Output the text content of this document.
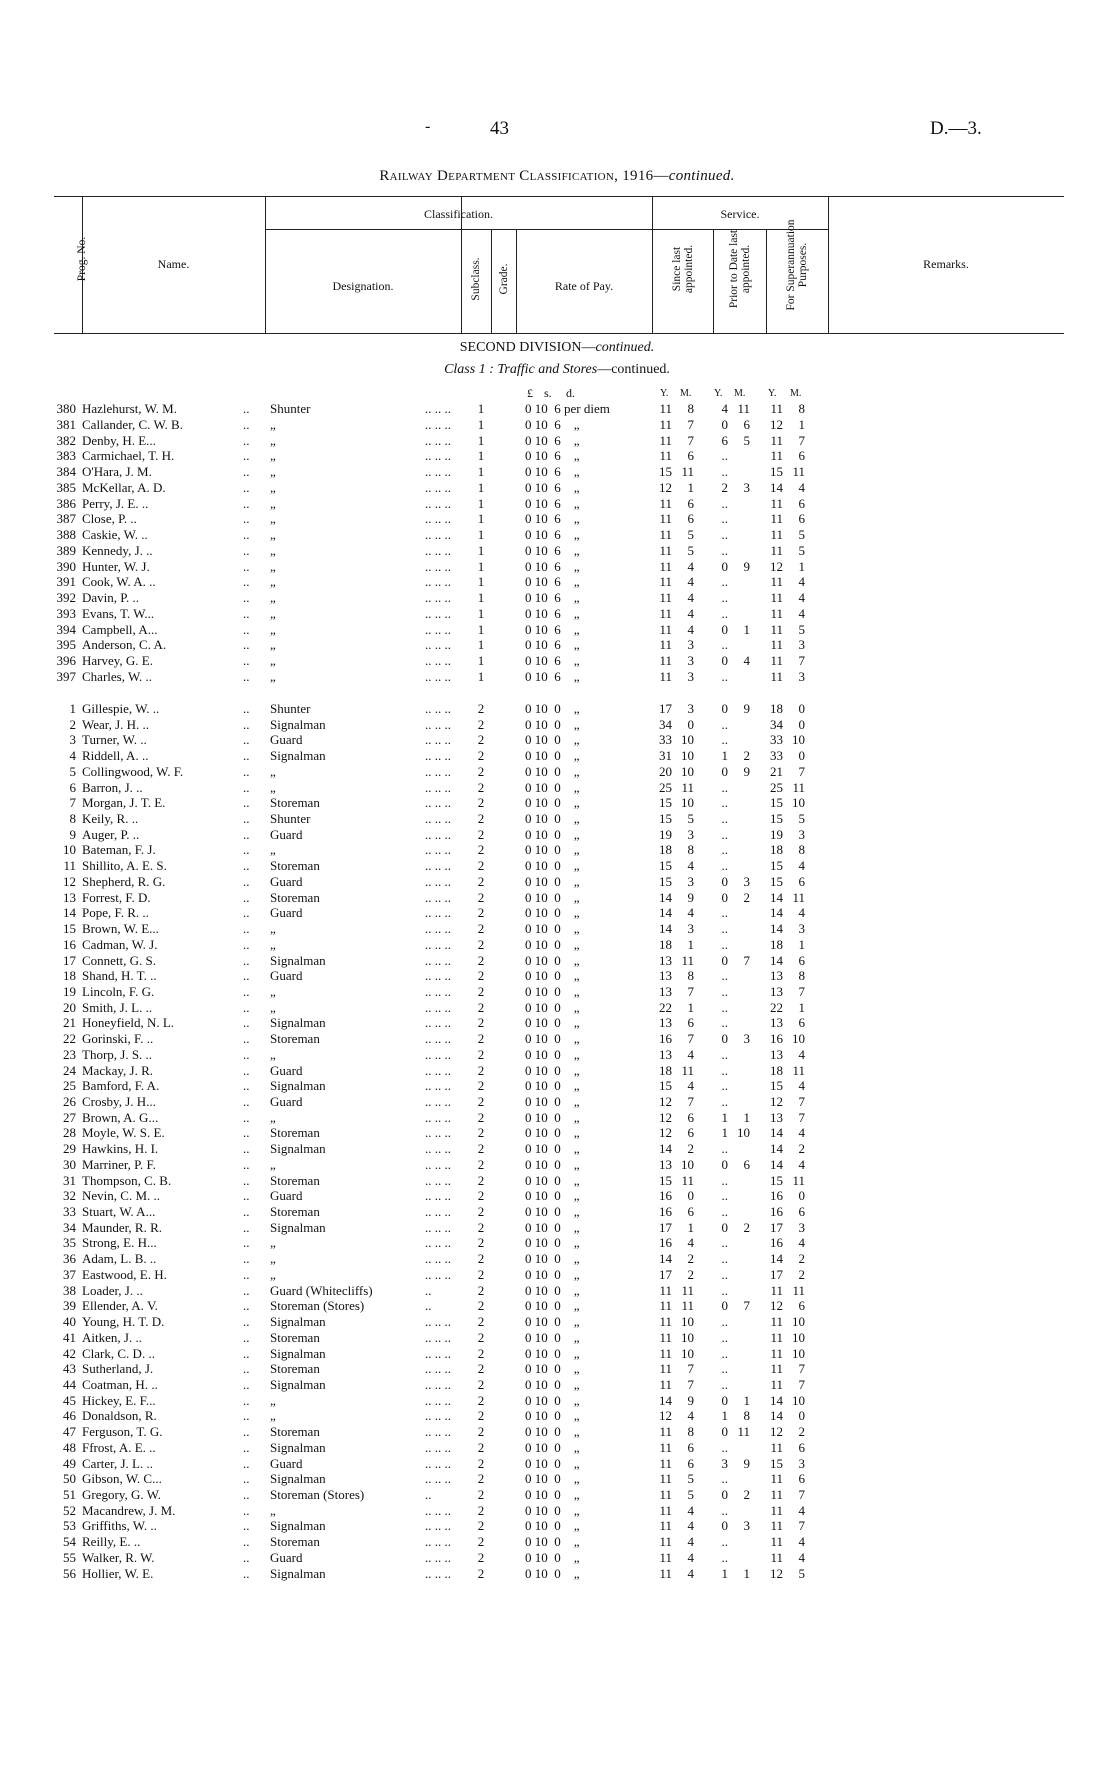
-	43	D.—3.
Railway Department Classification, 1916—continued.
Prog. No.	Name.
Classification.
Designation.	Subclass. Grade.	Rate of Pay.
Service.
Since last appointed.	Prior to Date last appointed.	For Superannuation Purposes.	Remarks.
SECOND DIVISION—continued.
Class 1 : Traffic and Stores—continued.
£ s. d.	Y. M. Y. M. Y. M.
380 Hazlehurst, W. M.	.. Shunter	.. .. ..	1	0 10  6 per diem	11	8	4 11	11	8
381 Callander, C. W. B.	.. „	.. .. ..	1	0 10  6    „	11	7	0	6	12	1
382 Denby, H. E...	.. „	.. .. ..	1	0 10  6    „	11	7	6	5	11	7
383 Carmichael, T. H.	.. „	.. .. ..	1	0 10  6    „	11	6	..	11	6
384 O'Hara, J. M.	.. „	.. .. ..	1	0 10  6    „	15 11	..	15 11
385 McKellar, A. D.	.. „	.. .. ..	1	0 10  6    „	12	1	2	3	14	4
386 Perry, J. E. ..	.. „	.. .. ..	1	0 10  6    „	11	6	..	11	6
387 Close, P. ..	.. „	.. .. ..	1	0 10  6    „	11	6	..	11	6
388 Caskie, W. ..	.. „	.. .. ..	1	0 10  6    „	11	5	..	11	5
389 Kennedy, J. ..	.. „	.. .. ..	1	0 10  6    „	11	5	..	11	5
390 Hunter, W. J.	.. „	.. .. ..	1	0 10  6    „	11	4	0	9	12	1
391 Cook, W. A. ..	.. „	.. .. ..	1	0 10  6    „	11	4	..	11	4
392 Davin, P. ..	.. „	.. .. ..	1	0 10  6    „	11	4	..	11	4
393 Evans, T. W...	.. „	.. .. ..	1	0 10  6    „	11	4	..	11	4
394 Campbell, A...	.. „	.. .. ..	1	0 10  6    „	11	4	0	1	11	5
395 Anderson, C. A.	.. „	.. .. ..	1	0 10  6    „	11	3	..	11	3
396 Harvey, G. E.	.. „	.. .. ..	1	0 10  6    „	11	3	0	4	11	7
397 Charles, W. ..	.. „	.. .. ..	1	0 10  6    „	11	3	..	11	3
1 Gillespie, W. ..	.. Shunter	.. .. ..	2	0 10  0    „	17	3	0	9	18	0
2 Wear, J. H. ..	.. Signalman	.. .. ..	2	0 10  0    „	34	0	..	34	0
3 Turner, W. ..	.. Guard	.. .. ..	2	0 10  0    „	33 10	..	33 10
4 Riddell, A. ..	.. Signalman	.. .. ..	2	0 10  0    „	31 10	1	2	33	0
5 Collingwood, W. F.	.. „	.. .. ..	2	0 10  0    „	20 10	0	9	21	7
6 Barron, J. ..	.. „	.. .. ..	2	0 10  0    „	25 11	..	25 11
7 Morgan, J. T. E.	.. Storeman	.. .. ..	2	0 10  0    „	15 10	..	15 10
8 Keily, R. ..	.. Shunter	.. .. ..	2	0 10  0    „	15	5	..	15	5
9 Auger, P. ..	.. Guard	.. .. ..	2	0 10  0    „	19	3	..	19	3
10 Bateman, F. J.	.. „	.. .. ..	2	0 10  0    „	18	8	..	18	8
11 Shillito, A. E. S.	.. Storeman	.. .. ..	2	0 10  0    „	15	4	..	15	4
12 Shepherd, R. G.	.. Guard	.. .. ..	2	0 10  0    „	15	3	0	3	15	6
13 Forrest, F. D.	.. Storeman	.. .. ..	2	0 10  0    „	14	9	0	2	14 11
14 Pope, F. R. ..	.. Guard	.. .. ..	2	0 10  0    „	14	4	..	14	4
15 Brown, W. E...	.. „	.. .. ..	2	0 10  0    „	14	3	..	14	3
16 Cadman, W. J.	.. „	.. .. ..	2	0 10  0    „	18	1	..	18	1
17 Connett, G. S.	.. Signalman	.. .. ..	2	0 10  0    „	13 11	0	7	14	6
18 Shand, H. T. ..	.. Guard	.. .. ..	2	0 10  0    „	13	8	..	13	8
19 Lincoln, F. G.	.. „	.. .. ..	2	0 10  0    „	13	7	..	13	7
20 Smith, J. L. ..	.. „	.. .. ..	2	0 10  0    „	22	1	..	22	1
21 Honeyfield, N. L.	.. Signalman	.. .. ..	2	0 10  0    „	13	6	..	13	6
22 Gorinski, F. ..	.. Storeman	.. .. ..	2	0 10  0    „	16	7	0	3	16 10
23 Thorp, J. S. ..	.. „	.. .. ..	2	0 10  0    „	13	4	..	13	4
24 Mackay, J. R.	.. Guard	.. .. ..	2	0 10  0    „	18 11	..	18 11
25 Bamford, F. A.	.. Signalman	.. .. ..	2	0 10  0    „	15	4	..	15	4
26 Crosby, J. H...	.. Guard	.. .. ..	2	0 10  0    „	12	7	..	12	7
27 Brown, A. G...	.. „	.. .. ..	2	0 10  0    „	12	6	1	1	13	7
28 Moyle, W. S. E.	.. Storeman	.. .. ..	2	0 10  0    „	12	6	1 10	14	4
29 Hawkins, H. I.	.. Signalman	.. .. ..	2	0 10  0    „	14	2	..	14	2
30 Marriner, P. F.	.. „	.. .. ..	2	0 10  0    „	13 10	0	6	14	4
31 Thompson, C. B.	.. Storeman	.. .. ..	2	0 10  0    „	15 11	..	15 11
32 Nevin, C. M. ..	.. Guard	.. .. ..	2	0 10  0    „	16	0	..	16	0
33 Stuart, W. A...	.. Storeman	.. .. ..	2	0 10  0    „	16	6	..	16	6
34 Maunder, R. R.	.. Signalman	.. .. ..	2	0 10  0    „	17	1	0	2	17	3
35 Strong, E. H...	.. „	.. .. ..	2	0 10  0    „	16	4	..	16	4
36 Adam, L. B. ..	.. „	.. .. ..	2	0 10  0    „	14	2	..	14	2
37 Eastwood, E. H.	.. „	.. .. ..	2	0 10  0    „	17	2	..	17	2
38 Loader, J. ..	.. Guard (Whitecliffs)	..	2	0 10  0    „	11 11	..	11 11
39 Ellender, A. V.	.. Storeman (Stores)	..	2	0 10  0    „	11 11	0	7	12	6
40 Young, H. T. D.	.. Signalman	.. .. ..	2	0 10  0    „	11 10	..	11 10
41 Aitken, J. ..	.. Storeman	.. .. ..	2	0 10  0    „	11 10	..	11 10
42 Clark, C. D. ..	.. Signalman	.. .. ..	2	0 10  0    „	11 10	..	11 10
43 Sutherland, J.	.. Storeman	.. .. ..	2	0 10  0    „	11	7	..	11	7
44 Coatman, H. ..	.. Signalman	.. .. ..	2	0 10  0    „	11	7	..	11	7
45 Hickey, E. F...	.. „	.. .. ..	2	0 10  0    „	14	9	0	1	14 10
46 Donaldson, R.	.. „	.. .. ..	2	0 10  0    „	12	4	1	8	14	0
47 Ferguson, T. G.	.. Storeman	.. .. ..	2	0 10  0    „	11	8	0 11	12	2
48 Ffrost, A. E. ..	.. Signalman	.. .. ..	2	0 10  0    „	11	6	..	11	6
49 Carter, J. L. ..	.. Guard	.. .. ..	2	0 10  0    „	11	6	3	9	15	3
50 Gibson, W. C...	.. Signalman	.. .. ..	2	0 10  0    „	11	5	..	11	6
51 Gregory, G. W.	.. Storeman (Stores)	..	2	0 10  0    „	11	5	0	2	11	7
52 Macandrew, J. M.	.. „	.. .. ..	2	0 10  0    „	11	4	..	11	4
53 Griffiths, W. ..	.. Signalman	.. .. ..	2	0 10  0    „	11	4	0	3	11	7
54 Reilly, E. ..	.. Storeman	.. .. ..	2	0 10  0    „	11	4	..	11	4
55 Walker, R. W.	.. Guard	.. .. ..	2	0 10  0    „	11	4	..	11	4
56 Hollier, W. E.	.. Signalman	.. .. ..	2	0 10  0    „	11	4	1	1	12	5
